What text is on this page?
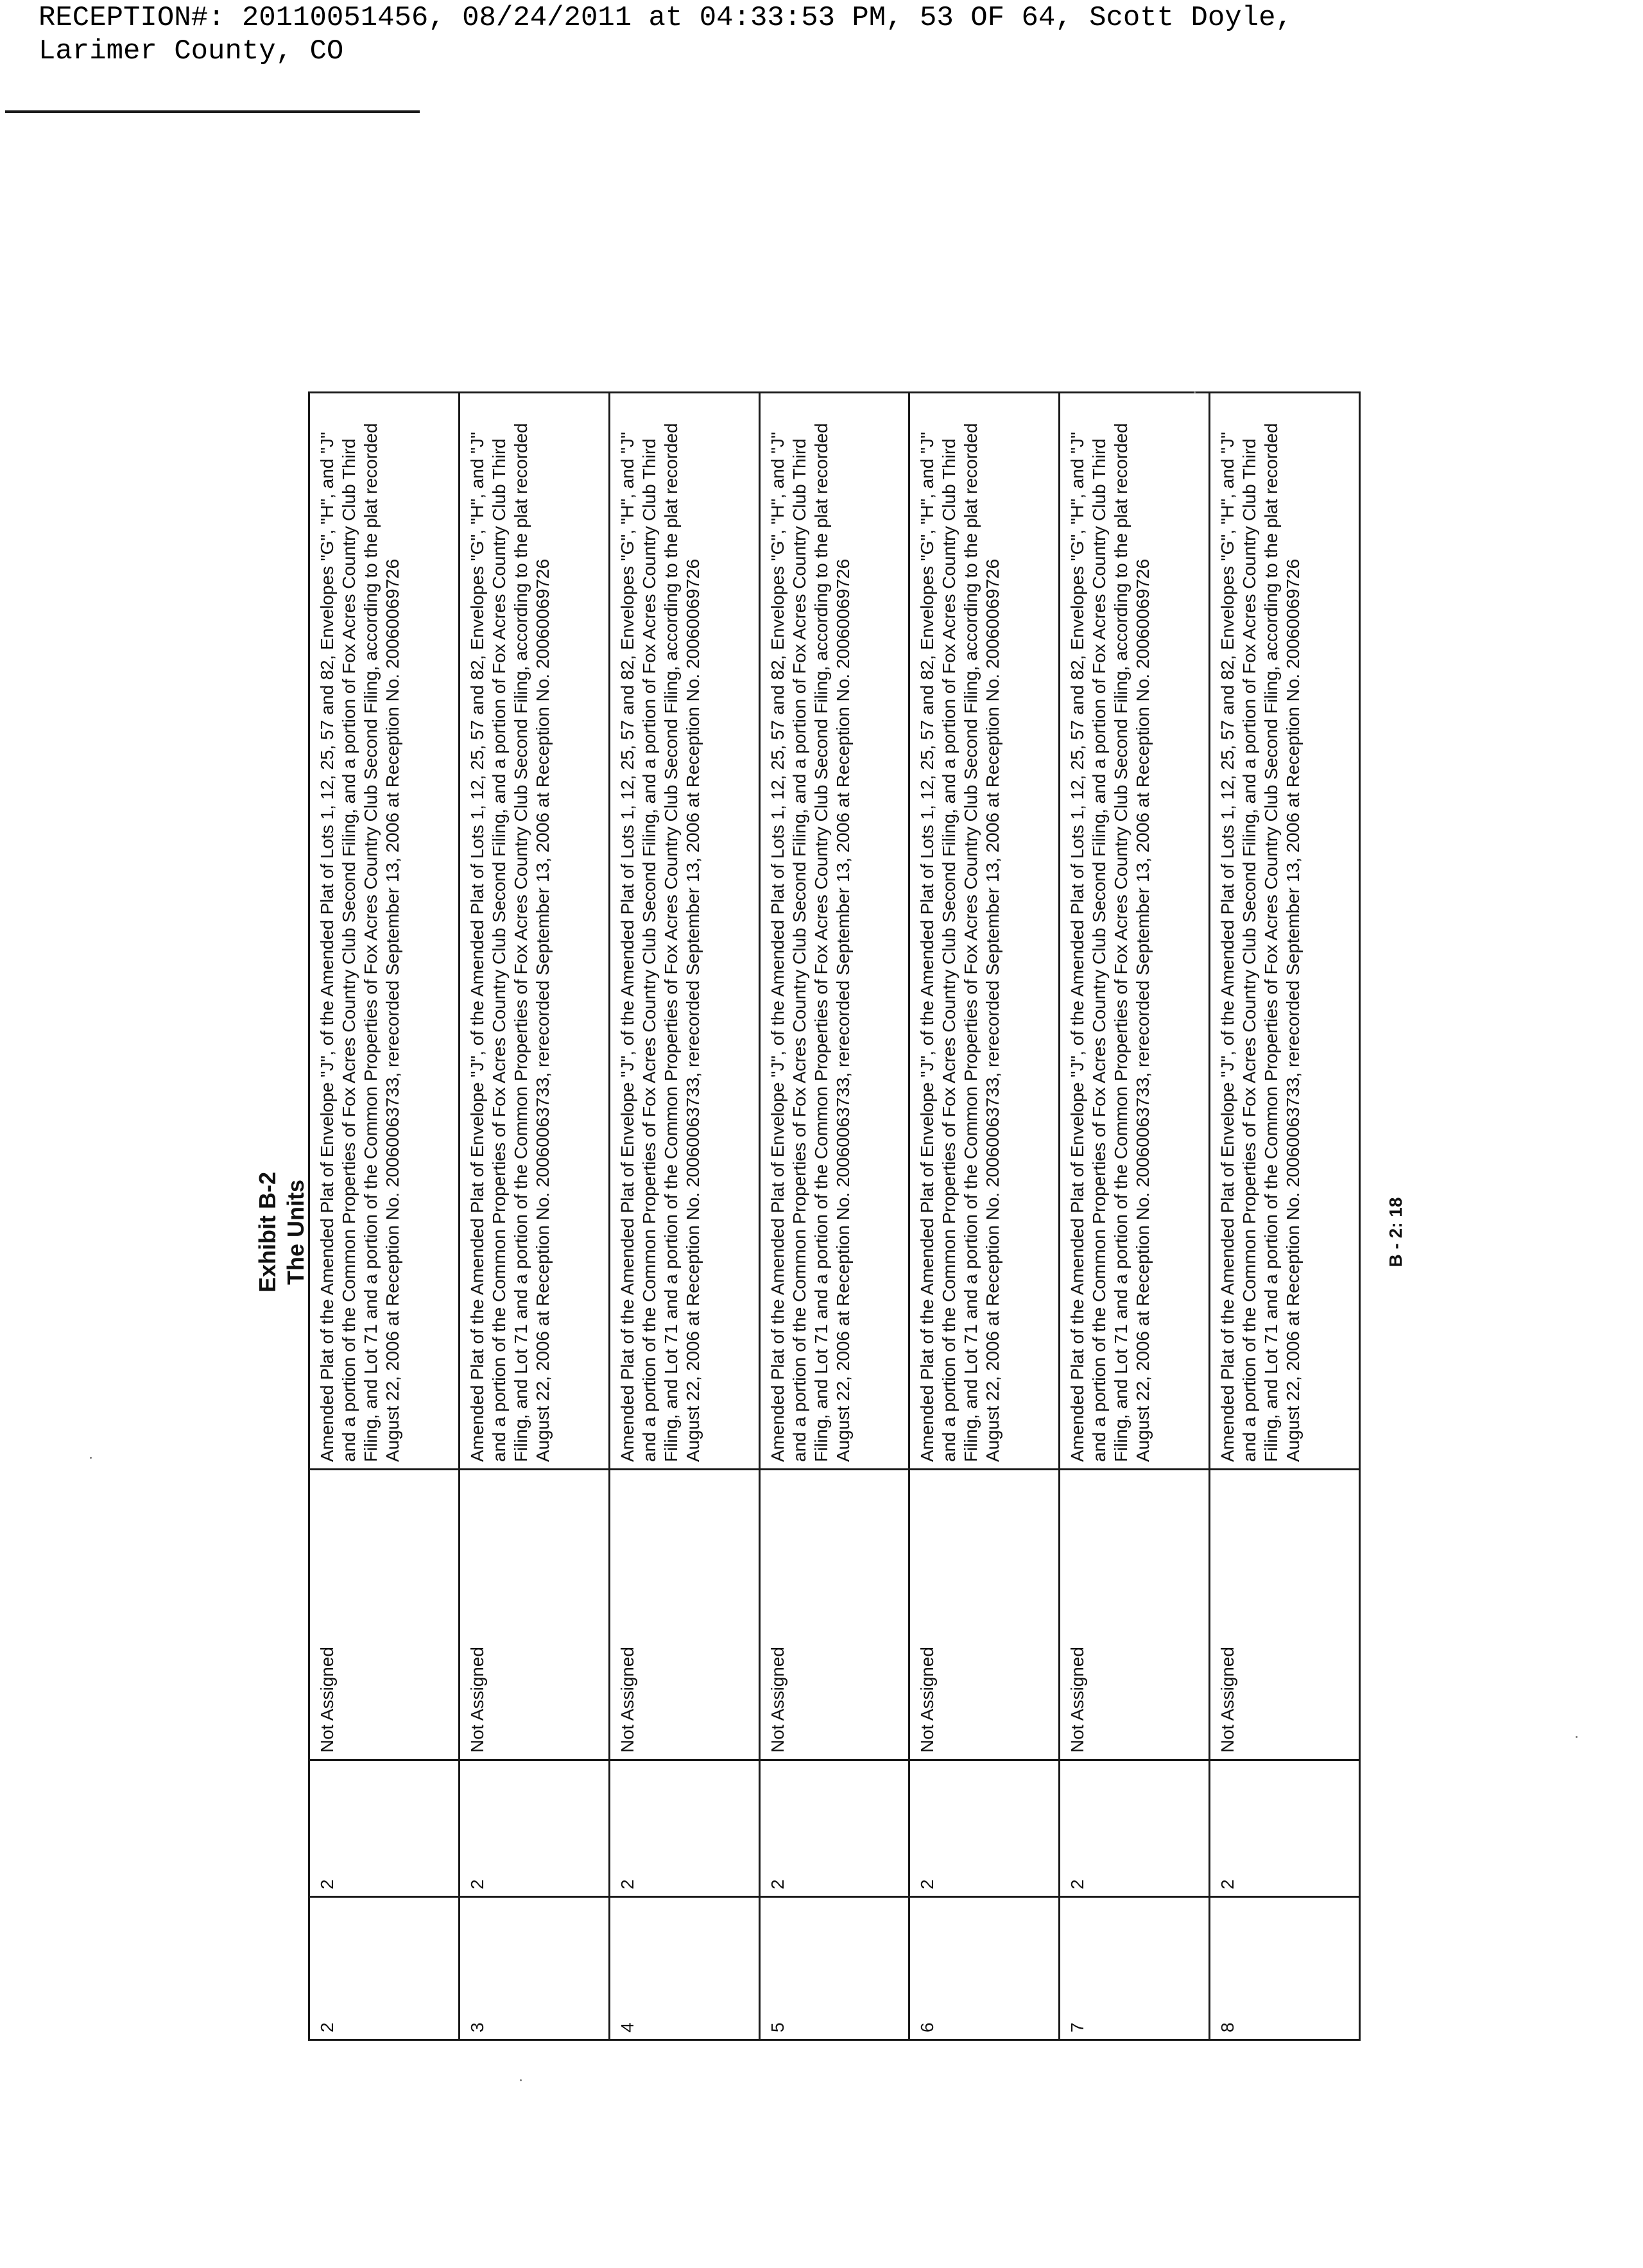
RECEPTION#: 20110051456, 08/24/2011 at 04:33:53 PM, 53 OF 64, Scott Doyle,
Larimer County, CO
Exhibit B-2 The Units
2	2	Not Assigned	Amended Plat of the Amended Plat of Envelope "J", of the Amended Plat of Lots 1, 12, 25, 57 and 82, Envelopes "G", "H", and "J" and a portion of the Common Properties of Fox Acres Country Club Second Filing, and a portion of Fox Acres Country Club Third Filing, and Lot 71 and a portion of the Common Properties of Fox Acres Country Club Second Filing, according to the plat recorded August 22, 2006 at Reception No. 20060063733, rerecorded September 13, 2006 at Reception No. 20060069726
3	2	Not Assigned	Amended Plat of the Amended Plat of Envelope "J", of the Amended Plat of Lots 1, 12, 25, 57 and 82, Envelopes "G", "H", and "J" and a portion of the Common Properties of Fox Acres Country Club Second Filing, and a portion of Fox Acres Country Club Third Filing, and Lot 71 and a portion of the Common Properties of Fox Acres Country Club Second Filing, according to the plat recorded August 22, 2006 at Reception No. 20060063733, rerecorded September 13, 2006 at Reception No. 20060069726
4	2	Not Assigned	Amended Plat of the Amended Plat of Envelope "J", of the Amended Plat of Lots 1, 12, 25, 57 and 82, Envelopes "G", "H", and "J" and a portion of the Common Properties of Fox Acres Country Club Second Filing, and a portion of Fox Acres Country Club Third Filing, and Lot 71 and a portion of the Common Properties of Fox Acres Country Club Second Filing, according to the plat recorded August 22, 2006 at Reception No. 20060063733, rerecorded September 13, 2006 at Reception No. 20060069726
5	2	Not Assigned	Amended Plat of the Amended Plat of Envelope "J", of the Amended Plat of Lots 1, 12, 25, 57 and 82, Envelopes "G", "H", and "J" and a portion of the Common Properties of Fox Acres Country Club Second Filing, and a portion of Fox Acres Country Club Third Filing, and Lot 71 and a portion of the Common Properties of Fox Acres Country Club Second Filing, according to the plat recorded August 22, 2006 at Reception No. 20060063733, rerecorded September 13, 2006 at Reception No. 20060069726
6	2	Not Assigned	Amended Plat of the Amended Plat of Envelope "J", of the Amended Plat of Lots 1, 12, 25, 57 and 82, Envelopes "G", "H", and "J" and a portion of the Common Properties of Fox Acres Country Club Second Filing, and a portion of Fox Acres Country Club Third Filing, and Lot 71 and a portion of the Common Properties of Fox Acres Country Club Second Filing, according to the plat recorded August 22, 2006 at Reception No. 20060063733, rerecorded September 13, 2006 at Reception No. 20060069726
7	2	Not Assigned	Amended Plat of the Amended Plat of Envelope "J", of the Amended Plat of Lots 1, 12, 25, 57 and 82, Envelopes "G", "H", and "J" and a portion of the Common Properties of Fox Acres Country Club Second Filing, and a portion of Fox Acres Country Club Third Filing, and Lot 71 and a portion of the Common Properties of Fox Acres Country Club Second Filing, according to the plat recorded August 22, 2006 at Reception No. 20060063733, rerecorded September 13, 2006 at Reception No. 20060069726
8	2	Not Assigned	Amended Plat of the Amended Plat of Envelope "J", of the Amended Plat of Lots 1, 12, 25, 57 and 82, Envelopes "G", "H", and "J" and a portion of the Common Properties of Fox Acres Country Club Second Filing, and a portion of Fox Acres Country Club Third Filing, and Lot 71 and a portion of the Common Properties of Fox Acres Country Club Second Filing, according to the plat recorded August 22, 2006 at Reception No. 20060063733, rerecorded September 13, 2006 at Reception No. 20060069726	B - 2: 18
